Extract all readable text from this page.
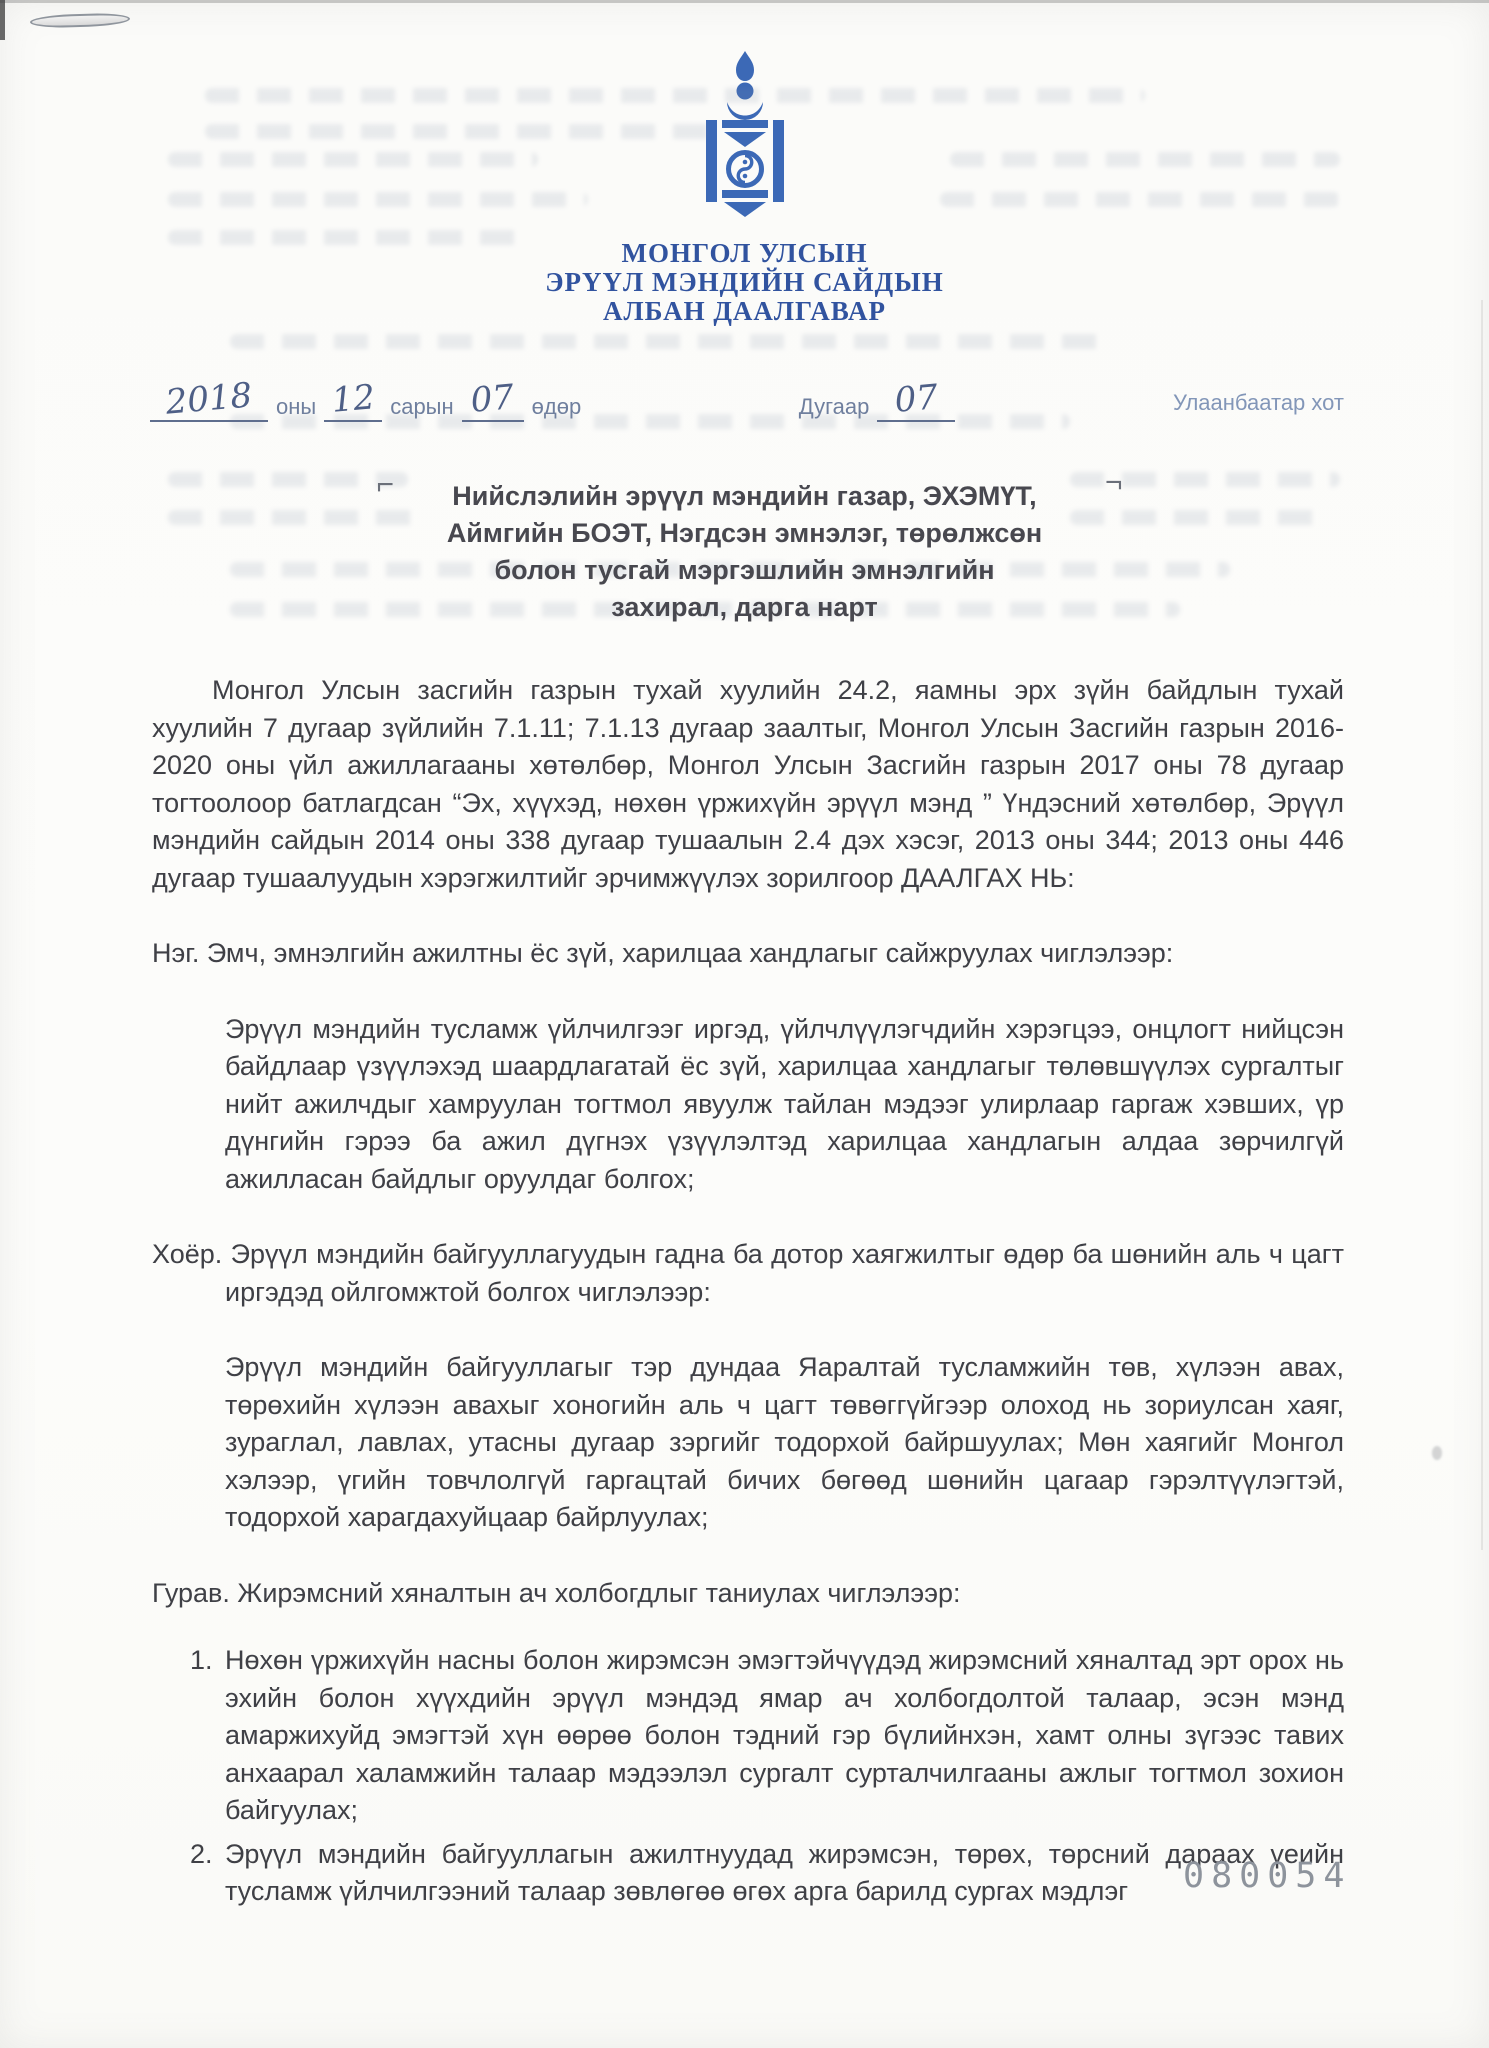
МОНГОЛ УЛСЫН
ЭРҮҮЛ МЭНДИЙН САЙДЫН
АЛБАН ДААЛГАВАР
2018	оны 12 сарын 07 өдөр	Дугаар 07	Улаанбаатар хот
⌐	¬
Нийслэлийн эрүүл мэндийн газар, ЭХЭМҮТ,
Аймгийн БОЭТ, Нэгдсэн эмнэлэг, төрөлжсөн
болон тусгай мэргэшлийн эмнэлгийн
захирал, дарга нарт

Монгол Улсын засгийн газрын тухай хуулийн 24.2, яамны эрх зүйн байдлын тухай хуулийн 7 дугаар зүйлийн 7.1.11; 7.1.13 дугаар заалтыг, Монгол Улсын Засгийн газрын 2016-2020 оны үйл ажиллагааны хөтөлбөр, Монгол Улсын Засгийн газрын 2017 оны 78 дугаар тогтоолоор батлагдсан “Эх, хүүхэд, нөхөн үржихүйн эрүүл мэнд ” Үндэсний хөтөлбөр, Эрүүл мэндийн сайдын 2014 оны 338 дугаар тушаалын 2.4 дэх хэсэг, 2013 оны 344; 2013 оны 446 дугаар тушаалуудын хэрэгжилтийг эрчимжүүлэх зорилгоор ДААЛГАХ НЬ:

Нэг. Эмч, эмнэлгийн ажилтны ёс зүй, харилцаа хандлагыг сайжруулах чиглэлээр:

Эрүүл мэндийн тусламж үйлчилгээг иргэд, үйлчлүүлэгчдийн хэрэгцээ, онцлогт нийцсэн байдлаар үзүүлэхэд шаардлагатай ёс зүй, харилцаа хандлагыг төлөвшүүлэх сургалтыг нийт ажилчдыг хамруулан тогтмол явуулж тайлан мэдээг улирлаар гаргаж хэвших, үр дүнгийн гэрээ ба ажил дүгнэх үзүүлэлтэд харилцаа хандлагын алдаа зөрчилгүй ажилласан байдлыг оруулдаг болгох;

Хоёр. Эрүүл мэндийн байгууллагуудын гадна ба дотор хаягжилтыг өдөр ба шөнийн аль ч цагт иргэдэд ойлгомжтой болгох чиглэлээр:

Эрүүл мэндийн байгууллагыг тэр дундаа Яаралтай тусламжийн төв, хүлээн авах, төрөхийн хүлээн авахыг хоногийн аль ч цагт төвөггүйгээр олоход нь зориулсан хаяг, зураглал, лавлах, утасны дугаар зэргийг тодорхой байршуулах; Мөн хаягийг Монгол хэлээр, үгийн товчлолгүй гаргацтай бичих бөгөөд шөнийн цагаар гэрэлтүүлэгтэй, тодорхой харагдахуйцаар байрлуулах;

Гурав. Жирэмсний хяналтын ач холбогдлыг таниулах чиглэлээр:

1. Нөхөн үржихүйн насны болон жирэмсэн эмэгтэйчүүдэд жирэмсний хяналтад эрт орох нь эхийн болон хүүхдийн эрүүл мэндэд ямар ач холбогдолтой талаар, эсэн мэнд амаржихуйд эмэгтэй хүн өөрөө болон тэдний гэр бүлийнхэн, хамт олны зүгээс тавих анхаарал халамжийн талаар мэдээлэл сургалт сурталчилгааны ажлыг тогтмол зохион байгуулах;
2. Эрүүл мэндийн байгууллагын ажилтнуудад жирэмсэн, төрөх, төрсний дараах үеийн тусламж үйлчилгээний талаар зөвлөгөө өгөх арга барилд сургах мэдлэг	080054
